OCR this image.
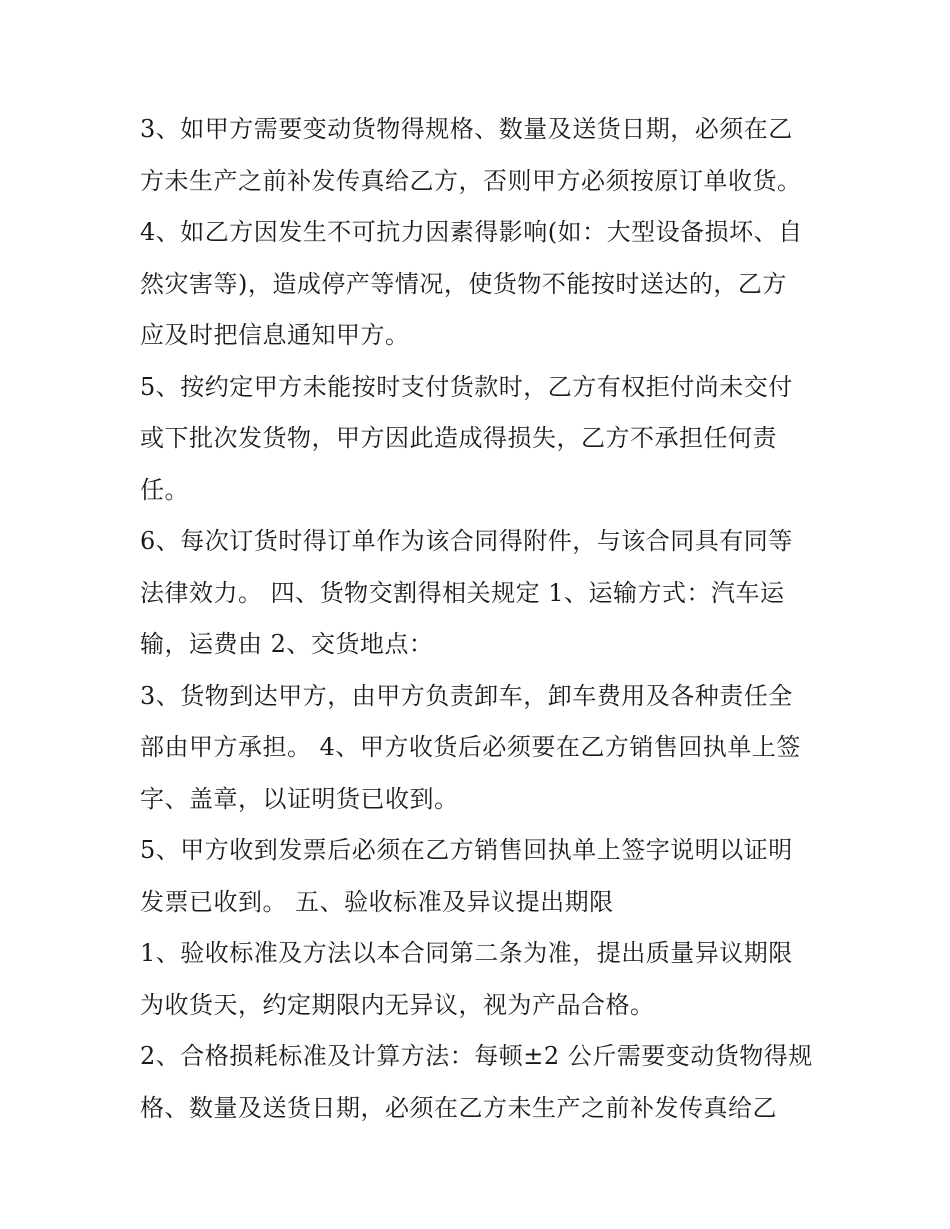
3、如甲方需要变动货物得规格、数量及送货日期，必须在乙
方未生产之前补发传真给乙方，否则甲方必须按原订单收货。
4、如乙方因发生不可抗力因素得影响(如：大型设备损坏、自
然灾害等)，造成停产等情况，使货物不能按时送达的，乙方
应及时把信息通知甲方。
5、按约定甲方未能按时支付货款时，乙方有权拒付尚未交付
或下批次发货物，甲方因此造成得损失，乙方不承担任何责
任。
6、每次订货时得订单作为该合同得附件，与该合同具有同等
法律效力。 四、货物交割得相关规定 1、运输方式：汽车运
输，运费由 2、交货地点：
3、货物到达甲方，由甲方负责卸车，卸车费用及各种责任全
部由甲方承担。 4、甲方收货后必须要在乙方销售回执单上签
字、盖章，以证明货已收到。
5、甲方收到发票后必须在乙方销售回执单上签字说明以证明
发票已收到。 五、验收标准及异议提出期限
1、验收标准及方法以本合同第二条为准，提出质量异议期限
为收货天，约定期限内无异议，视为产品合格。
2、合格损耗标准及计算方法：每顿±2 公斤需要变动货物得规
格、数量及送货日期，必须在乙方未生产之前补发传真给乙
